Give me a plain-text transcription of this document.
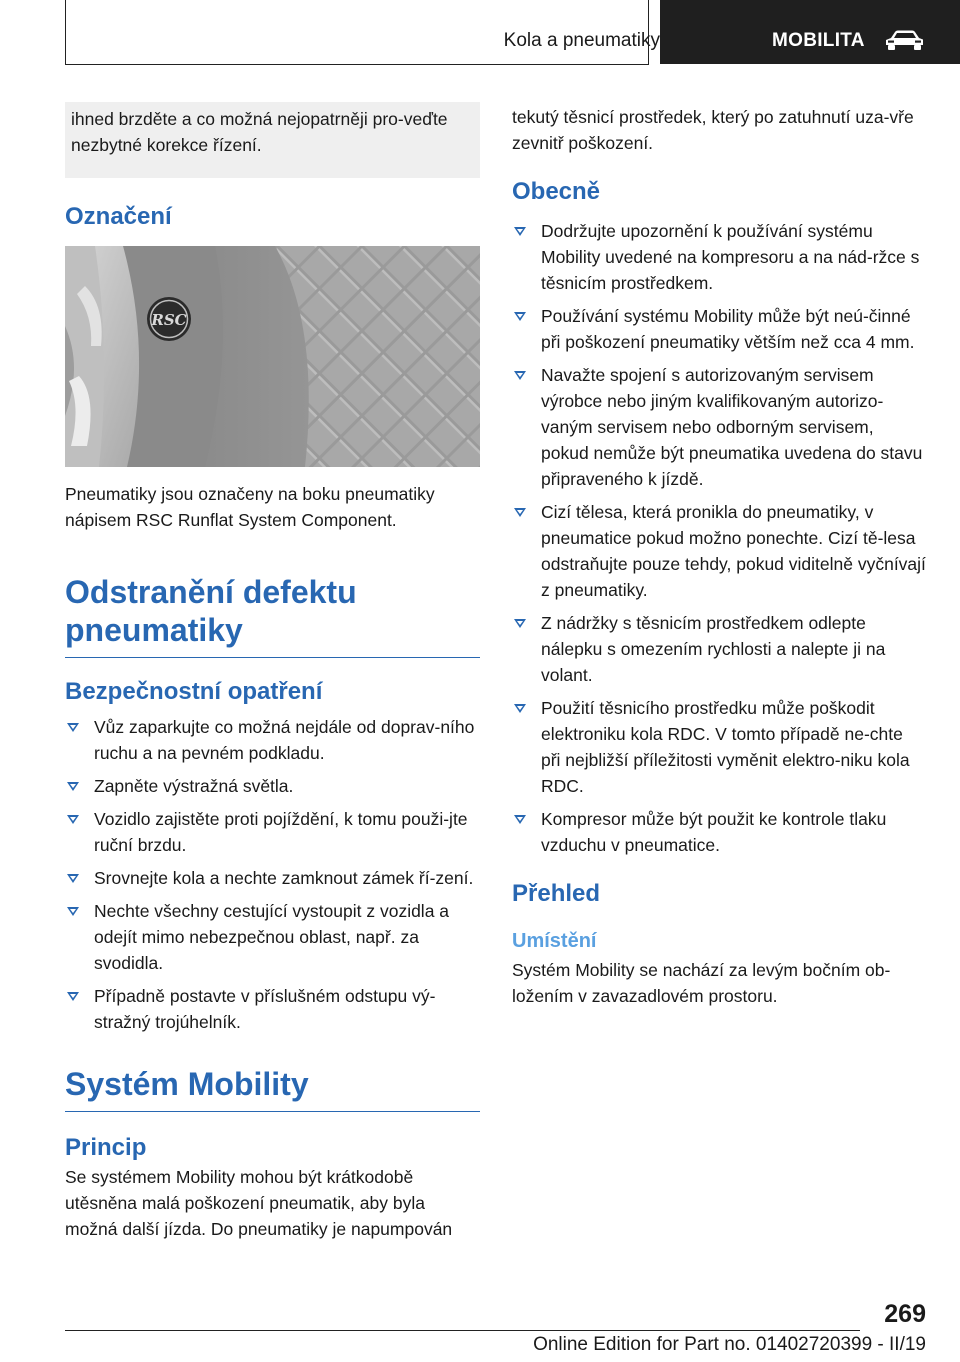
Kola a pneumatiky	MOBILITA

ihned brzděte a co možná nejopatrněji pro-veďte nezbytné korekce řízení.

Označení
RSC

Pneumatiky jsou označeny na boku pneumatiky nápisem RSC Runflat System Component.

Odstranění defektu pneumatiky
Bezpečnostní opatření
Vůz zaparkujte co možná nejdále od doprav-ního ruchu a na pevném podkladu.
Zapněte výstražná světla.
Vozidlo zajistěte proti pojíždění, k tomu použi-jte ruční brzdu.
Srovnejte kola a nechte zamknout zámek ří-zení.
Nechte všechny cestující vystoupit z vozidla a odejít mimo nebezpečnou oblast, např. za svodidla.
Případně postavte v příslušném odstupu vý-stražný trojúhelník.
Systém Mobility
Princip

Se systémem Mobility mohou být krátkodobě utěsněna malá poškození pneumatik, aby byla možná další jízda. Do pneumatiky je napumpován

tekutý těsnicí prostředek, který po zatuhnutí uza-vře zevnitř poškození.

Obecně
Dodržujte upozornění k používání systému Mobility uvedené na kompresoru a na nád-ržce s těsnicím prostředkem.
Používání systému Mobility může být neú-činné při poškození pneumatiky větším než cca 4 mm.
Navažte spojení s autorizovaným servisem výrobce nebo jiným kvalifikovaným autorizo-vaným servisem nebo odborným servisem, pokud nemůže být pneumatika uvedena do stavu připraveného k jízdě.
Cizí tělesa, která pronikla do pneumatiky, v pneumatice pokud možno ponechte. Cizí tě-lesa odstraňujte pouze tehdy, pokud viditelně vyčnívají z pneumatiky.
Z nádržky s těsnicím prostředkem odlepte nálepku s omezením rychlosti a nalepte ji na volant.
Použití těsnicího prostředku může poškodit elektroniku kola RDC. V tomto případě ne-chte při nejbližší příležitosti vyměnit elektro-niku kola RDC.
Kompresor může být použit ke kontrole tlaku vzduchu v pneumatice.
Přehled
Umístění

Systém Mobility se nachází za levým bočním ob-ložením v zavazadlovém prostoru.

269
Online Edition for Part no. 01402720399 - II/19
